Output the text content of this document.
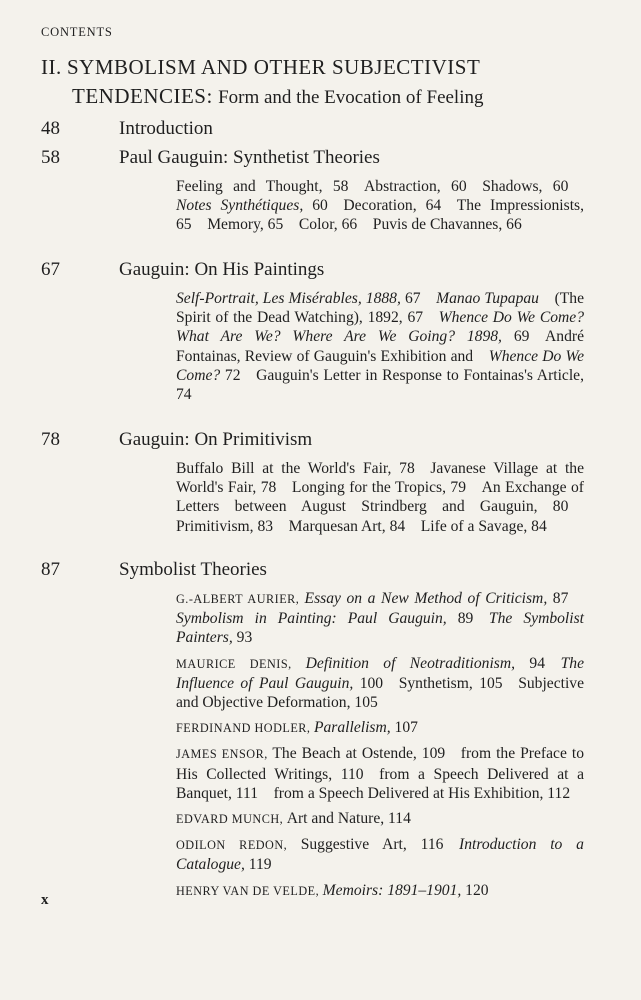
CONTENTS
II. SYMBOLISM AND OTHER SUBJECTIVIST
TENDENCIES: Form and the Evocation of Feeling
48	Introduction
58	Paul Gauguin: Synthetist Theories
Feeling and Thought, 58  Abstraction, 60  Shadows, 60 Notes Synthétiques, 60  Decoration, 64  The Impressionists, 65  Memory, 65  Color, 66  Puvis de Chavannes, 66
67	Gauguin: On His Paintings
Self-Portrait, Les Misérables, 1888, 67  Manao Tupapau  (The Spirit of the Dead Watching), 1892, 67  Whence Do We Come? What Are We? Where Are We Going? 1898, 69  André Fontainas, Review of Gauguin's Exhibition and  Whence Do We Come? 72  Gauguin's Letter in Response to Fontainas's Article, 74
78	Gauguin: On Primitivism
Buffalo Bill at the World's Fair, 78  Javanese Village at the World's Fair, 78  Longing for the Tropics, 79  An Exchange of Letters between August Strindberg and Gauguin, 80 Primitivism, 83  Marquesan Art, 84  Life of a Savage, 84
87	Symbolist Theories
G.-ALBERT AURIER, Essay on a New Method of Criticism, 87 Symbolism in Painting: Paul Gauguin, 89  The Symbolist Painters, 93
MAURICE DENIS, Definition of Neotraditionism, 94  The Influence of Paul Gauguin, 100  Synthetism, 105  Subjective and Objective Deformation, 105
FERDINAND HODLER, Parallelism, 107
JAMES ENSOR, The Beach at Ostende, 109  from the Preface to His Collected Writings, 110  from a Speech Delivered at a Banquet, 111  from a Speech Delivered at His Exhibition, 112
EDVARD MUNCH, Art and Nature, 114
ODILON REDON, Suggestive Art, 116  Introduction to a Catalogue, 119
HENRY VAN DE VELDE, Memoirs: 1891–1901, 120
x
